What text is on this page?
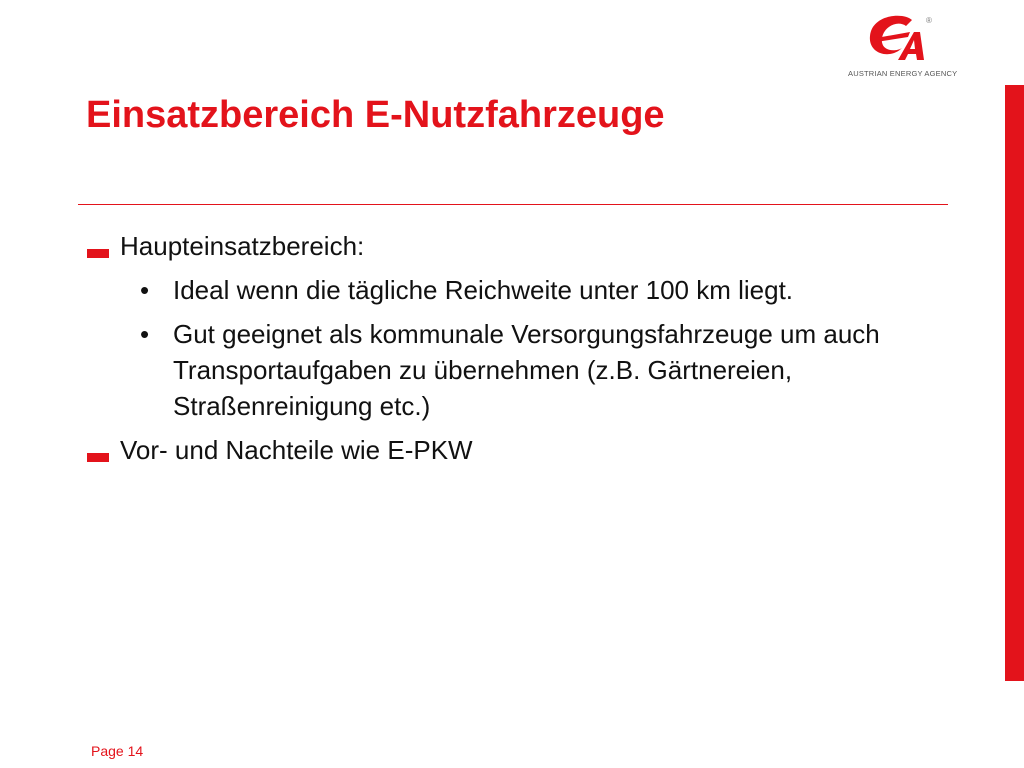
®
AUSTRIAN ENERGY AGENCY
Einsatzbereich E-Nutzfahrzeuge
Haupteinsatzbereich:
• Ideal wenn die tägliche Reichweite unter 100 km liegt.
• Gut geeignet als kommunale Versorgungsfahrzeuge um auch Transportaufgaben zu übernehmen (z.B. Gärtnereien, Straßenreinigung etc.)
Vor- und Nachteile wie E-PKW
Page 14
